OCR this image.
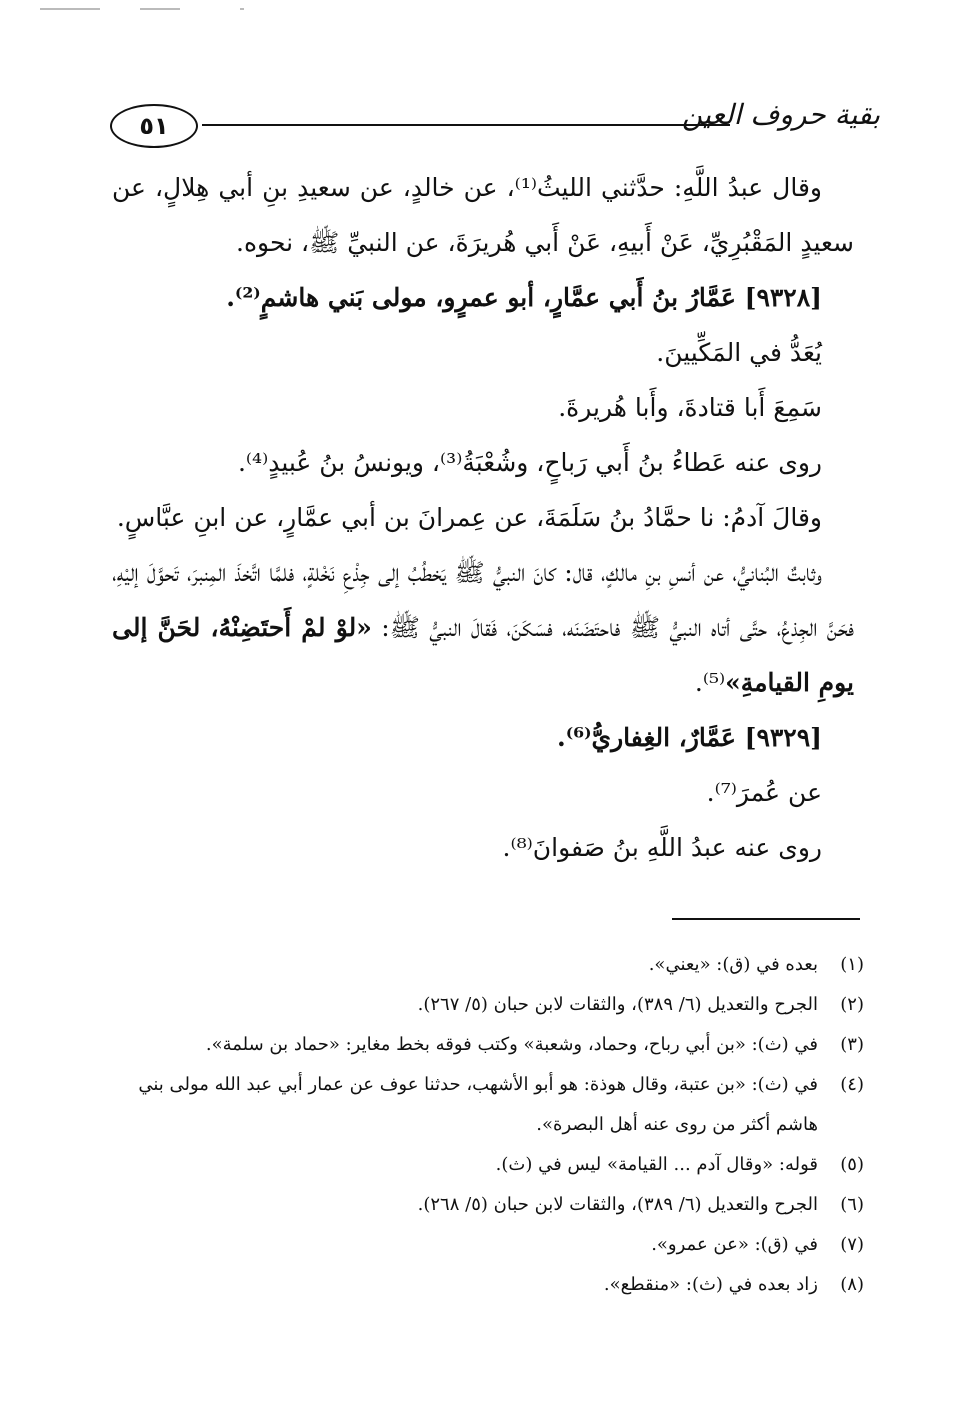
٥١	بقية حروف العين

وقال عبدُ اللَّهِ: حدَّثني الليثُ⁽¹⁾، عن خالدٍ، عن سعيدِ بنِ أبي هِلالٍ، عن سعيدٍ المَقْبُرِيِّ، عَنْ أَبيهِ، عَنْ أَبي هُريرَةَ، عن النبيِّ ﷺ، نحوه.

[٩٣٢٨] عَمَّارُ بنُ أَبي عمَّارٍ، أبو عمرٍو، مولى بَني هاشمٍ⁽²⁾.

يُعَدُّ في المَكِّيينَ.

سَمِعَ أَبا قتادةَ، وأَبا هُريرةَ.

روى عنه عَطاءُ بنُ أَبي رَباحٍ، وشُعْبَةُ⁽³⁾، ويونسُ بنُ عُبيدٍ⁽⁴⁾.

وقالَ آدمُ: نا حمَّادُ بنُ سَلَمَةَ، عن عِمرانَ بن أبي عمَّارٍ، عن ابنِ عبَّاسٍ.

وثابتٌ البُنانيُّ، عن أنسِ بنِ مالكٍ، قال: كانَ النبيُّ ﷺ يَخطُبُ إلى جِذْعِ نَخْلةٍ، فلمَّا اتَّخذَ المِنبرَ، تَحوَّلَ إليْهِ، فحَنَّ الجِذعُ، حتَّى أتاه النبيُّ ﷺ فاحتَضَنَه، فسَكَنَ، فَقالَ النبيُّ ﷺ: «لوْ لمْ أَحتَضِنْهُ، لحَنَّ إلى يومِ القيامةِ»⁽⁵⁾.

[٩٣٢٩] عَمَّارٌ، الغِفاريُّ⁽⁶⁾.

عن عُمرَ⁽⁷⁾.

روى عنه عبدُ اللَّهِ بنُ صَفوانَ⁽⁸⁾.

(١)
بعده في (ق): «يعني».
(٢)
الجرح والتعديل (٦/ ٣٨٩)، والثقات لابن حبان (٥/ ٢٦٧).
(٣)
في (ث): «بن أبي رباح، وحماد، وشعبة» وكتب فوقه بخط مغاير: «حماد بن سلمة».
(٤)
في (ث): «بن عتبة، وقال هوذة: هو أبو الأشهب، حدثنا عوف عن عمار أبي عبد الله مولى بني هاشم أكثر من روى عنه أهل البصرة».
(٥)
قوله: «وقال آدم ... القيامة» ليس في (ث).
(٦)
الجرح والتعديل (٦/ ٣٨٩)، والثقات لابن حبان (٥/ ٢٦٨).
(٧)
في (ق): «عن عمرو».
(٨)
زاد بعده في (ث): «منقطع».
